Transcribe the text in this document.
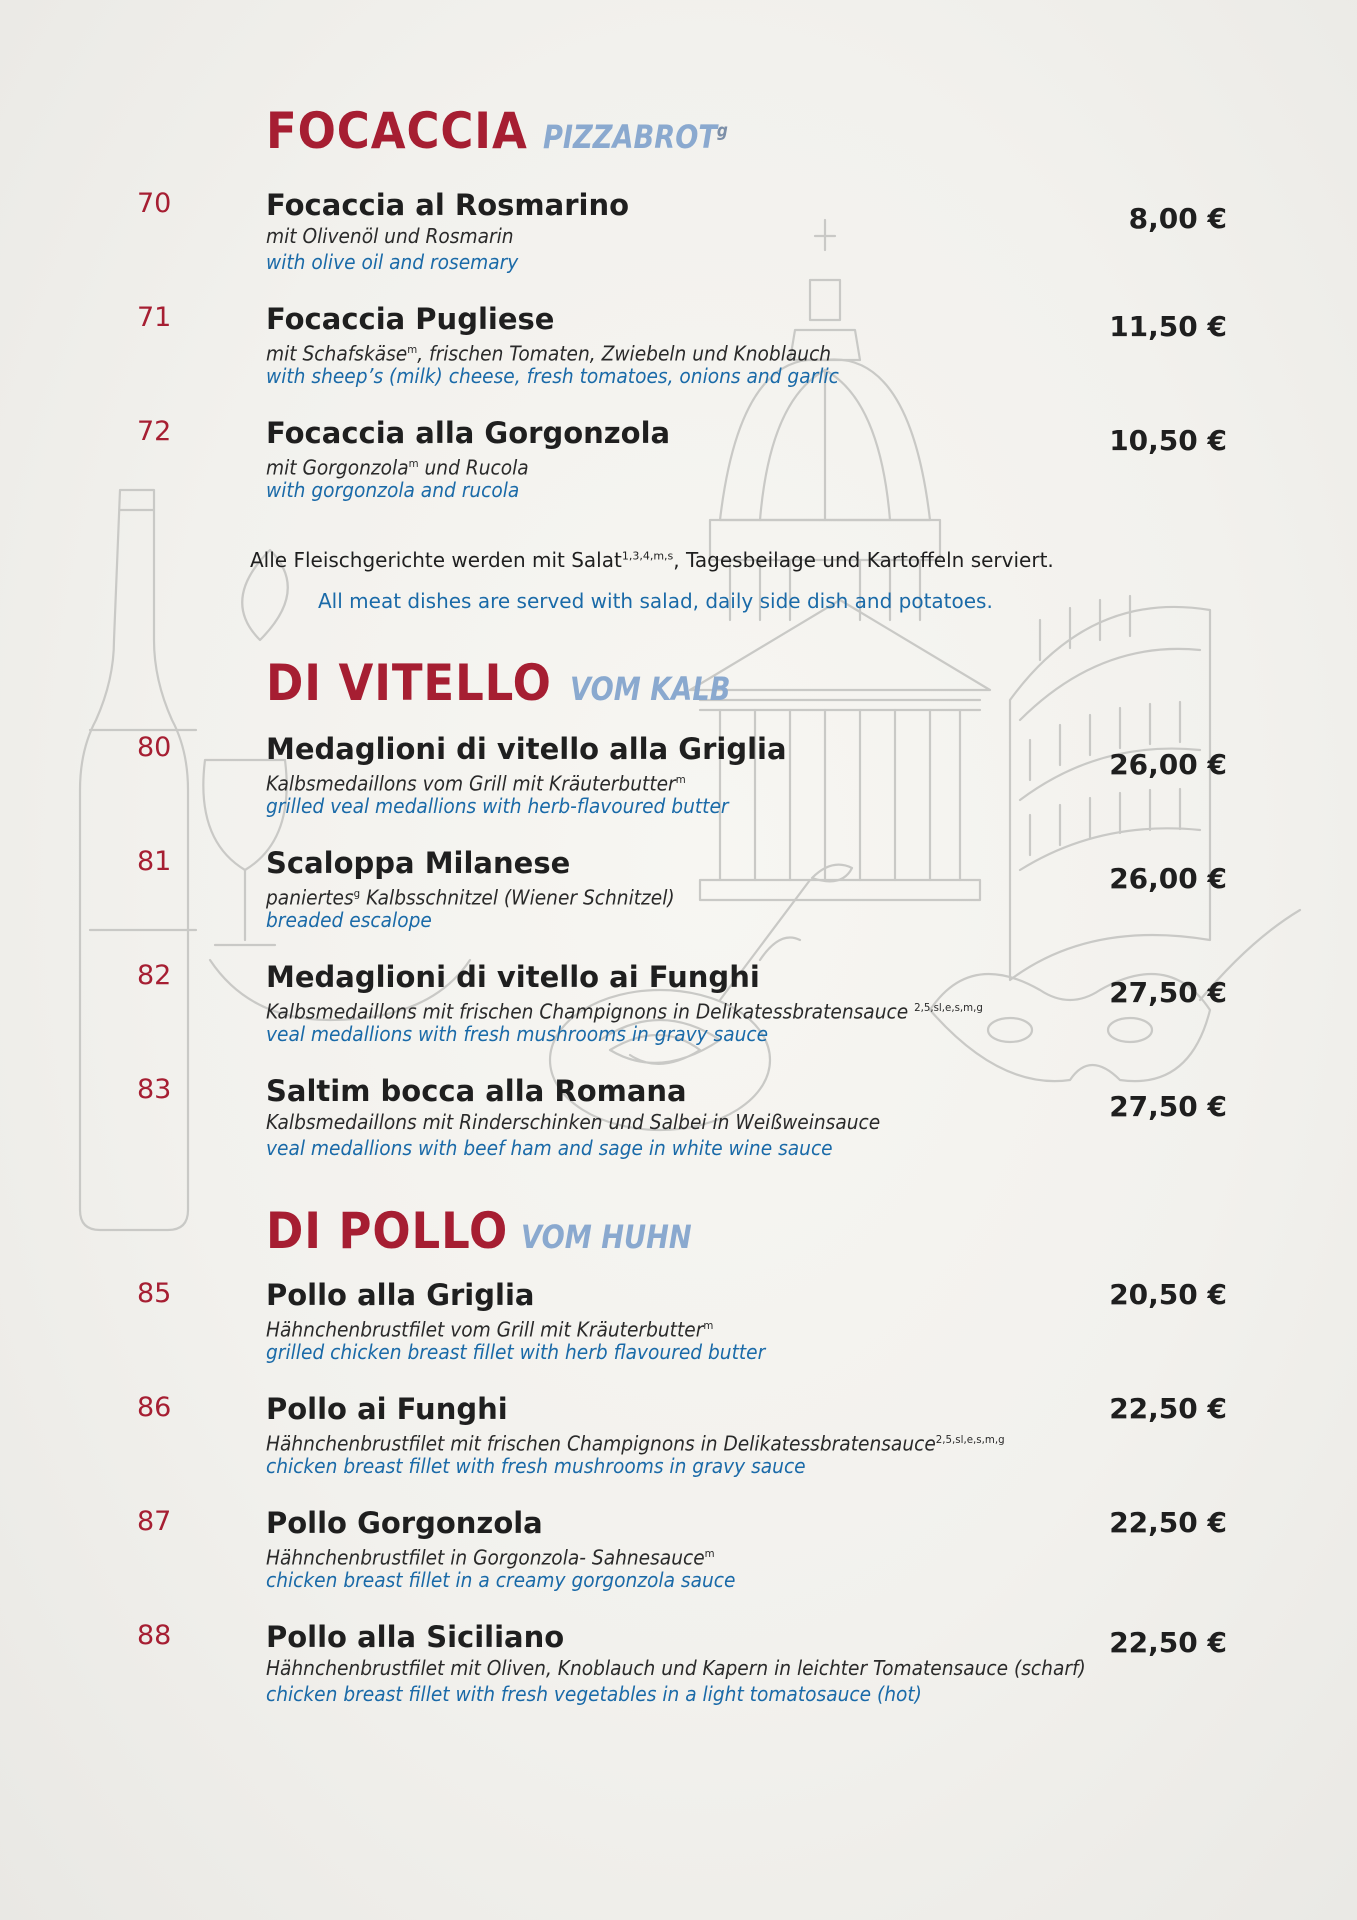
FOCACCIA PIZZABROT$^g$
70	Focaccia al Rosmarino

mit Olivenöl und Rosmarin

with olive oil and rosemary

8,00 €
71	Focaccia Pugliese

mit Schafskäse$^m$, frischen Tomaten, Zwiebeln und Knoblauch

with sheep’s (milk) cheese, fresh tomatoes, onions and garlic

11,50 €
72	Focaccia alla Gorgonzola

mit Gorgonzola$^m$ und Rucola

with gorgonzola and rucola

10,50 €

Alle Fleischgerichte werden mit Salat$^{1,3,4,m,s}$, Tagesbeilage und Kartoffeln serviert.

All meat dishes are served with salad, daily side dish and potatoes.

DI VITELLO VOM KALB
80	Medaglioni di vitello alla Griglia

Kalbsmedaillons vom Grill mit Kräuterbutter$^m$

grilled veal medallions with herb-flavoured butter

26,00 €
81	Scaloppa Milanese

paniertes$^g$ Kalbsschnitzel (Wiener Schnitzel)

breaded escalope

26,00 €
82	Medaglioni di vitello ai Funghi

Kalbsmedaillons mit frischen Champignons in Delikatessbratensauce $^{2,5,sl,e,s,m,g}$

veal medallions with fresh mushrooms in gravy sauce

27,50 €
83	Saltim bocca alla Romana

Kalbsmedaillons mit Rinderschinken und Salbei in Weißweinsauce

veal medallions with beef ham and sage in white wine sauce

27,50 €
DI POLLO VOM HUHN
85	Pollo alla Griglia

Hähnchenbrustfilet vom Grill mit Kräuterbutter$^m$

grilled chicken breast fillet with herb flavoured butter

20,50 €
86	Pollo ai Funghi

Hähnchenbrustfilet mit frischen Champignons in Delikatessbratensauce$^{2,5,sl,e,s,m,g}$

chicken breast fillet with fresh mushrooms in gravy sauce

22,50 €
87	Pollo Gorgonzola

Hähnchenbrustfilet in Gorgonzola- Sahnesauce$^m$

chicken breast fillet in a creamy gorgonzola sauce

22,50 €
88	Pollo alla Siciliano

Hähnchenbrustfilet mit Oliven, Knoblauch und Kapern in leichter Tomatensauce (scharf)

chicken breast fillet with fresh vegetables in a light tomatosauce (hot)

22,50 €
